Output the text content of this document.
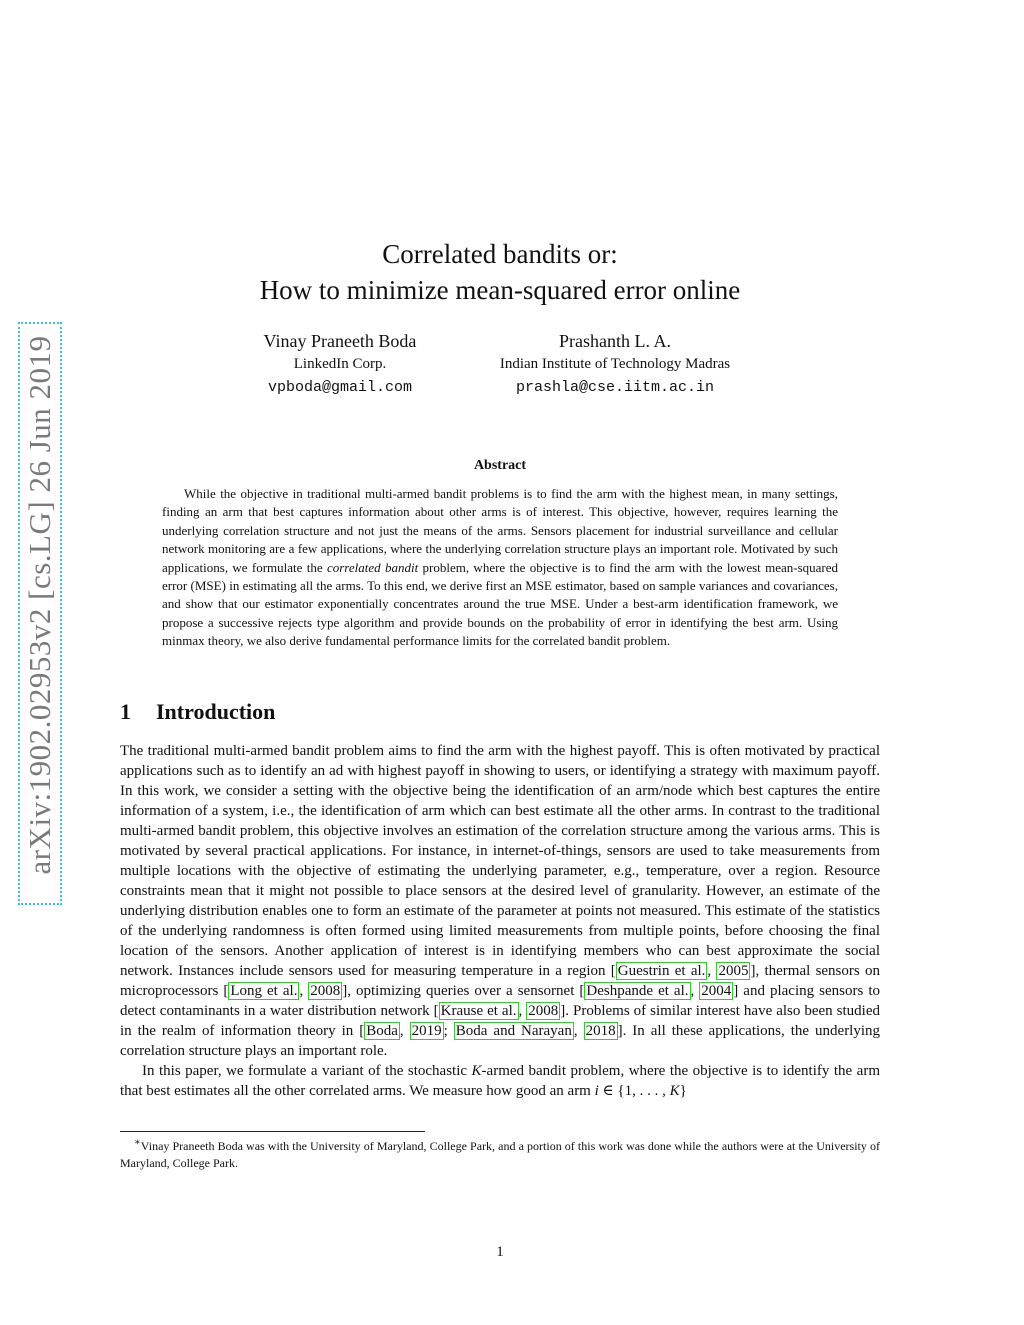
arXiv:1902.02953v2 [cs.LG] 26 Jun 2019
Correlated bandits or:
How to minimize mean-squared error online
Vinay Praneeth Boda
LinkedIn Corp.
vpboda@gmail.com
Prashanth L. A.
Indian Institute of Technology Madras
prashla@cse.iitm.ac.in
Abstract

While the objective in traditional multi-armed bandit problems is to find the arm with the highest mean, in many settings, finding an arm that best captures information about other arms is of interest. This objective, however, requires learning the underlying correlation structure and not just the means of the arms. Sensors placement for industrial surveillance and cellular network monitoring are a few applications, where the underlying correlation structure plays an important role. Motivated by such applications, we formulate the correlated bandit problem, where the objective is to find the arm with the lowest mean-squared error (MSE) in estimating all the arms. To this end, we derive first an MSE estimator, based on sample variances and covariances, and show that our estimator exponentially concentrates around the true MSE. Under a best-arm identification framework, we propose a successive rejects type algorithm and provide bounds on the probability of error in identifying the best arm. Using minmax theory, we also derive fundamental performance limits for the correlated bandit problem.

1 Introduction

The traditional multi-armed bandit problem aims to find the arm with the highest payoff. This is often motivated by practical applications such as to identify an ad with highest payoff in showing to users, or identifying a strategy with maximum payoff. In this work, we consider a setting with the objective being the identification of an arm/node which best captures the entire information of a system, i.e., the identification of arm which can best estimate all the other arms. In contrast to the traditional multi-armed bandit problem, this objective involves an estimation of the correlation structure among the various arms. This is motivated by several practical applications. For instance, in internet-of-things, sensors are used to take measurements from multiple locations with the objective of estimating the underlying parameter, e.g., temperature, over a region. Resource constraints mean that it might not possible to place sensors at the desired level of granularity. However, an estimate of the underlying distribution enables one to form an estimate of the parameter at points not measured. This estimate of the statistics of the underlying randomness is often formed using limited measurements from multiple points, before choosing the final location of the sensors. Another application of interest is in identifying members who can best approximate the social network. Instances include sensors used for measuring temperature in a region [ Guestrin et al. , 2005 ], thermal sensors on microprocessors [ Long et al. , 2008 ], optimizing queries over a sensornet [ Deshpande et al. , 2004 ] and placing sensors to detect contaminants in a water distribution network [ Krause et al. , 2008 ]. Problems of similar interest have also been studied in the realm of information theory in [ Boda , 2019 ; Boda and Narayan , 2018 ]. In all these applications, the underlying correlation structure plays an important role.

In this paper, we formulate a variant of the stochastic K-armed bandit problem, where the objective is to identify the arm that best estimates all the other correlated arms. We measure how good an arm i ∈ {1, . . . , K}

∗Vinay Praneeth Boda was with the University of Maryland, College Park, and a portion of this work was done while the authors were at the University of Maryland, College Park.
1
